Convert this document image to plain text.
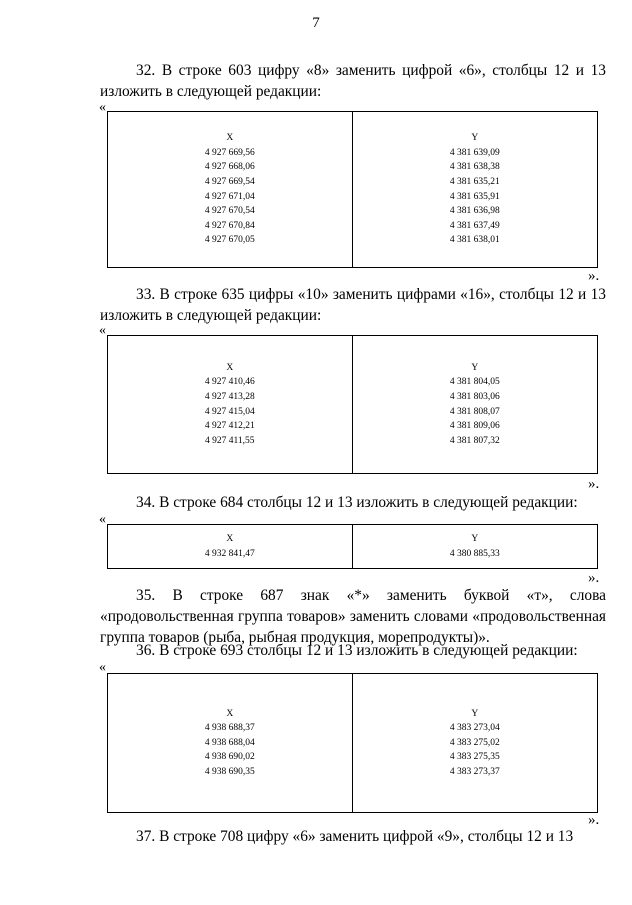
7
32. В строке 603 цифру «8» заменить цифрой «6», столбцы 12 и 13 изложить в следующей редакции:
«
X
4 927 669,56
4 927 668,06
4 927 669,54
4 927 671,04
4 927 670,54
4 927 670,84
4 927 670,05
Y
4 381 639,09
4 381 638,38
4 381 635,21
4 381 635,91
4 381 636,98
4 381 637,49
4 381 638,01
».
33. В строке 635 цифры «10» заменить цифрами «16», столбцы 12 и 13 изложить в следующей редакции:
«
X
4 927 410,46
4 927 413,28
4 927 415,04
4 927 412,21
4 927 411,55
Y
4 381 804,05
4 381 803,06
4 381 808,07
4 381 809,06
4 381 807,32
».
34. В строке 684 столбцы 12 и 13 изложить в следующей редакции:
«
X
4 932 841,47
Y
4 380 885,33
».
35. В строке 687 знак «*» заменить буквой «т», слова «продовольственная группа товаров» заменить словами «продовольственная группа товаров (рыба, рыбная продукция, морепродукты)».
36. В строке 693 столбцы 12 и 13 изложить в следующей редакции:
«
X
4 938 688,37
4 938 688,04
4 938 690,02
4 938 690,35
Y
4 383 273,04
4 383 275,02
4 383 275,35
4 383 273,37
».
37. В строке 708 цифру «6» заменить цифрой «9», столбцы 12 и 13
